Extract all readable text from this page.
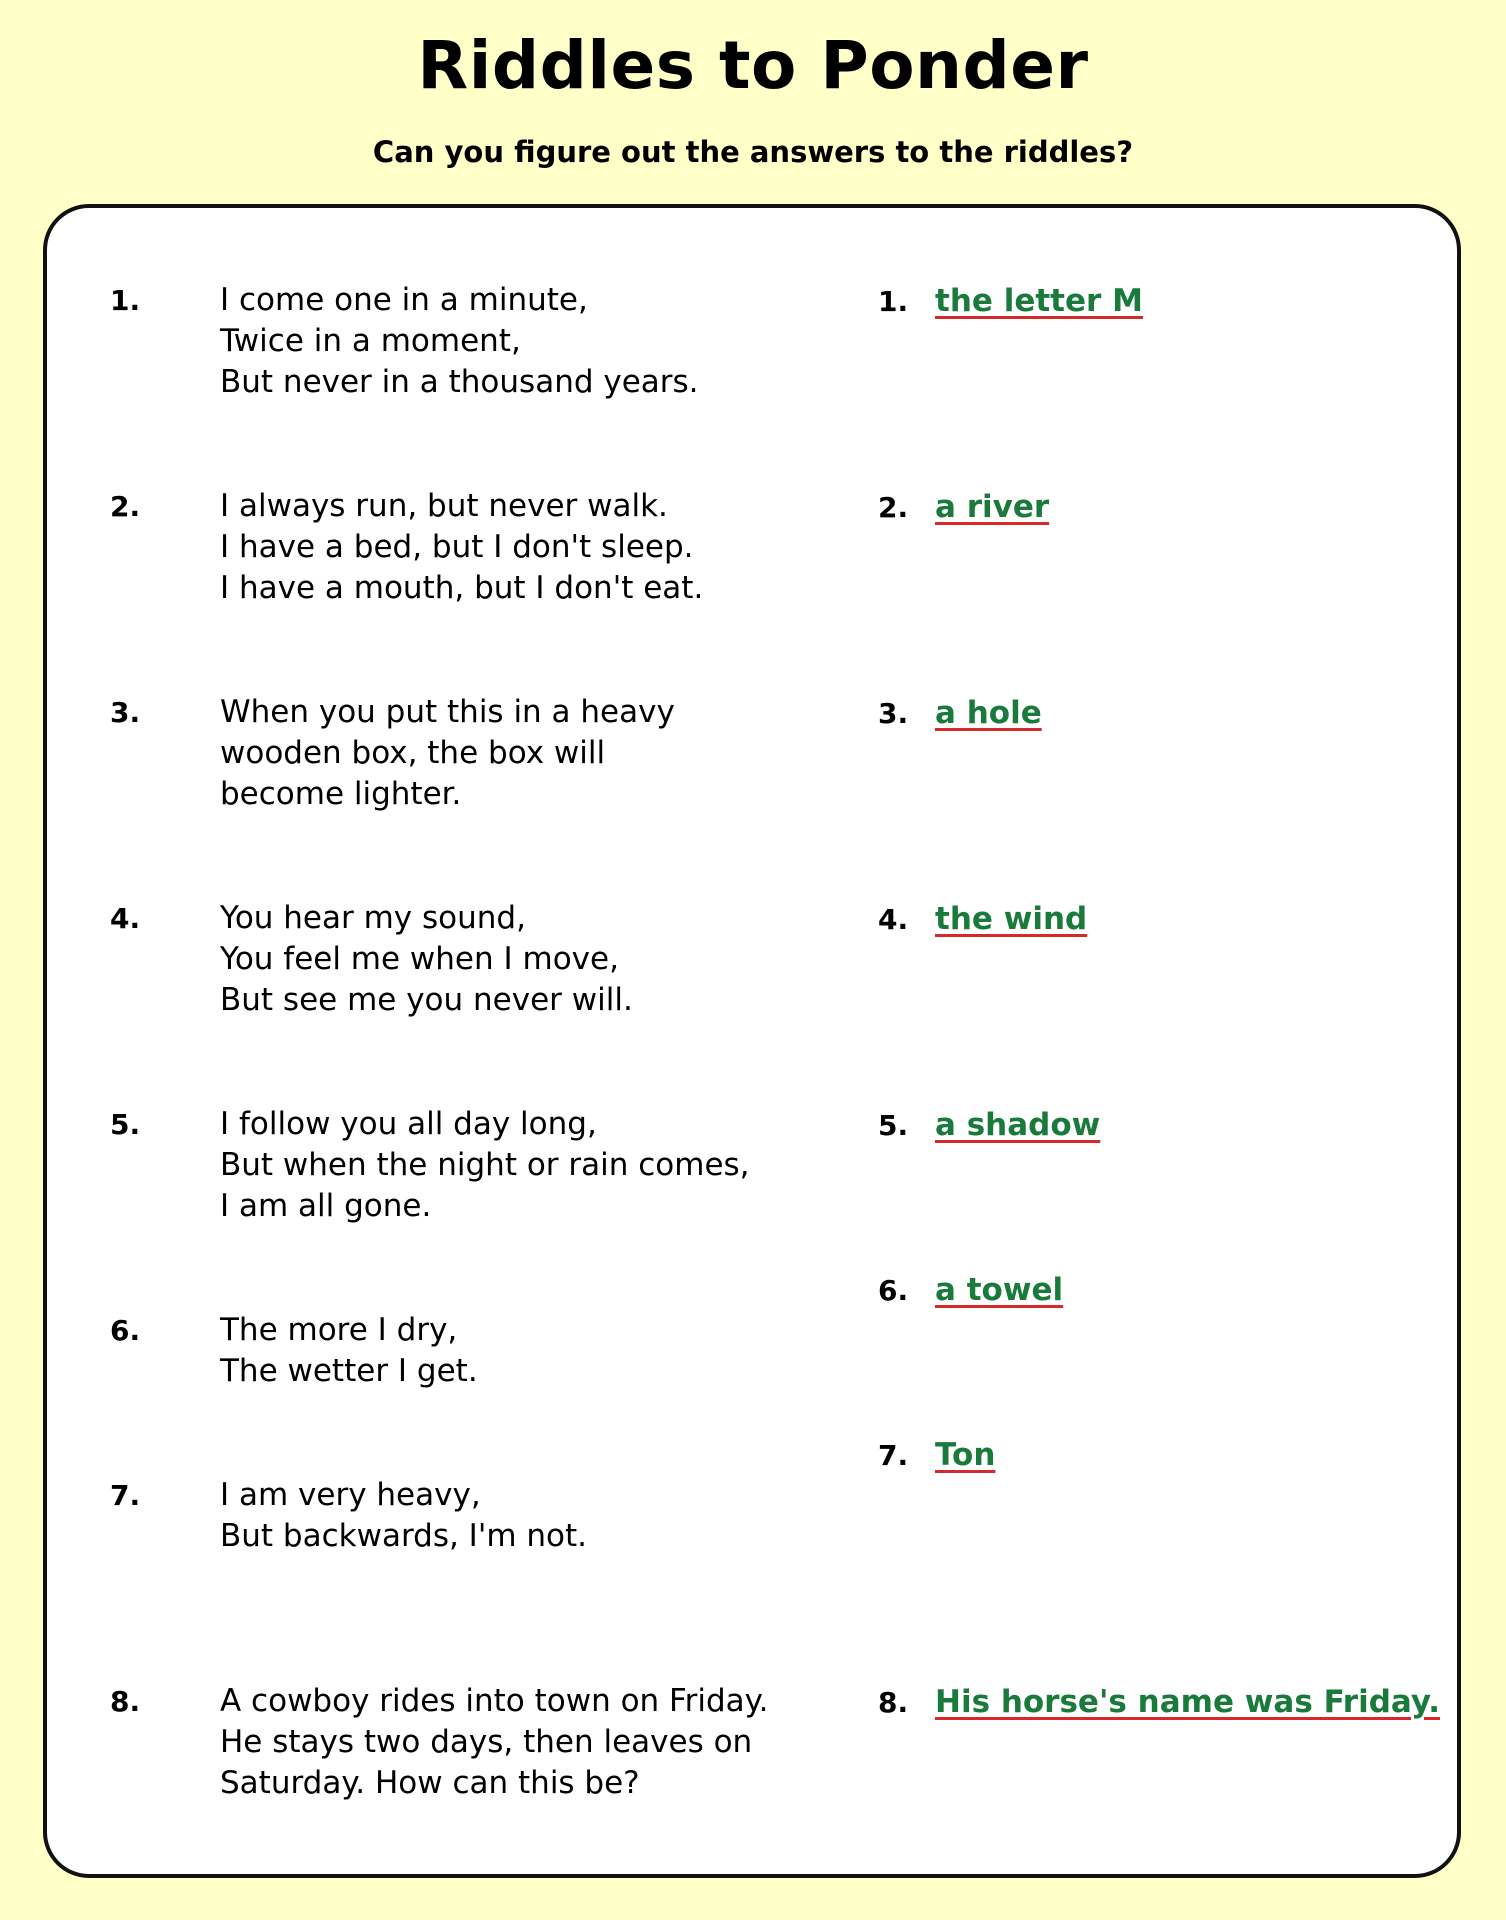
Riddles to Ponder
Can you figure out the answers to the riddles?
1.	I come one in a minute,
Twice in a moment,
But never in a thousand years.
2.	I always run, but never walk.
I have a bed, but I don't sleep.
I have a mouth, but I don't eat.
3.	When you put this in a heavy
wooden box, the box will
become lighter.
4.	You hear my sound,
You feel me when I move,
But see me you never will.
5.	I follow you all day long,
But when the night or rain comes,
I am all gone.
6.	The more I dry,
The wetter I get.
7.	I am very heavy,
But backwards, I'm not.
8.	A cowboy rides into town on Friday.
He stays two days, then leaves on
Saturday. How can this be?
1. the letter M
2. a river
3. a hole
4. the wind
5. a shadow
6. a towel
7. Ton
8. His horse's name was Friday.
